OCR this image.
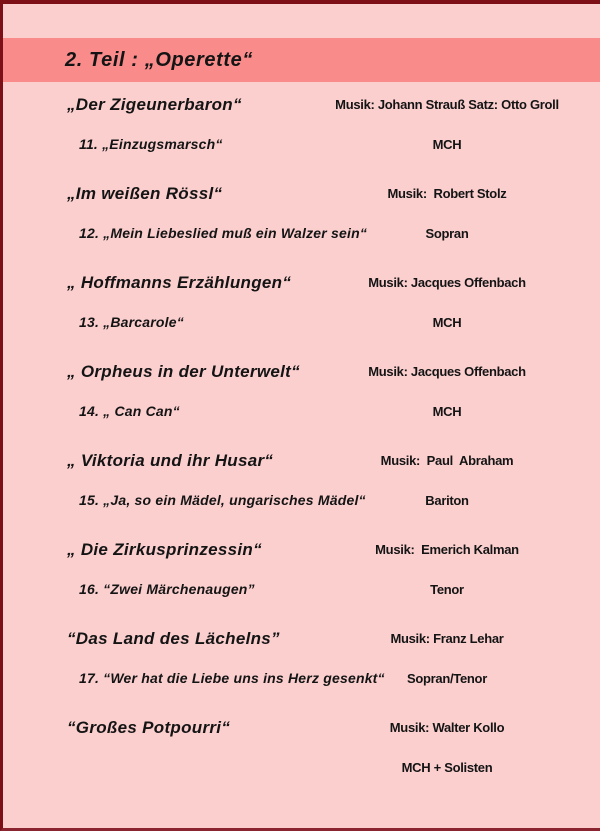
2. Teil : „Operette“
„Der Zigeunerbaron“	Musik: Johann Strauß Satz: Otto Groll
11. „Einzugsmarsch“	MCH
„Im weißen Rössl“	Musik:  Robert Stolz
12. „Mein Liebeslied muß ein Walzer sein“	Sopran
„ Hoffmanns Erzählungen“	Musik: Jacques Offenbach
13. „Barcarole“	MCH
„ Orpheus in der Unterwelt“	Musik: Jacques Offenbach
14. „ Can Can“	MCH
„ Viktoria und ihr Husar“	Musik:  Paul  Abraham
15. „Ja, so ein Mädel, ungarisches Mädel“	Bariton
„ Die Zirkusprinzessin“	Musik:  Emerich Kalman
16. “Zwei Märchenaugen”	Tenor
“Das Land des Lächelns”	Musik: Franz Lehar
17. “Wer hat die Liebe uns ins Herz gesenkt“	Sopran/Tenor
“Großes Potpourri“	Musik: Walter Kollo
MCH + Solisten
